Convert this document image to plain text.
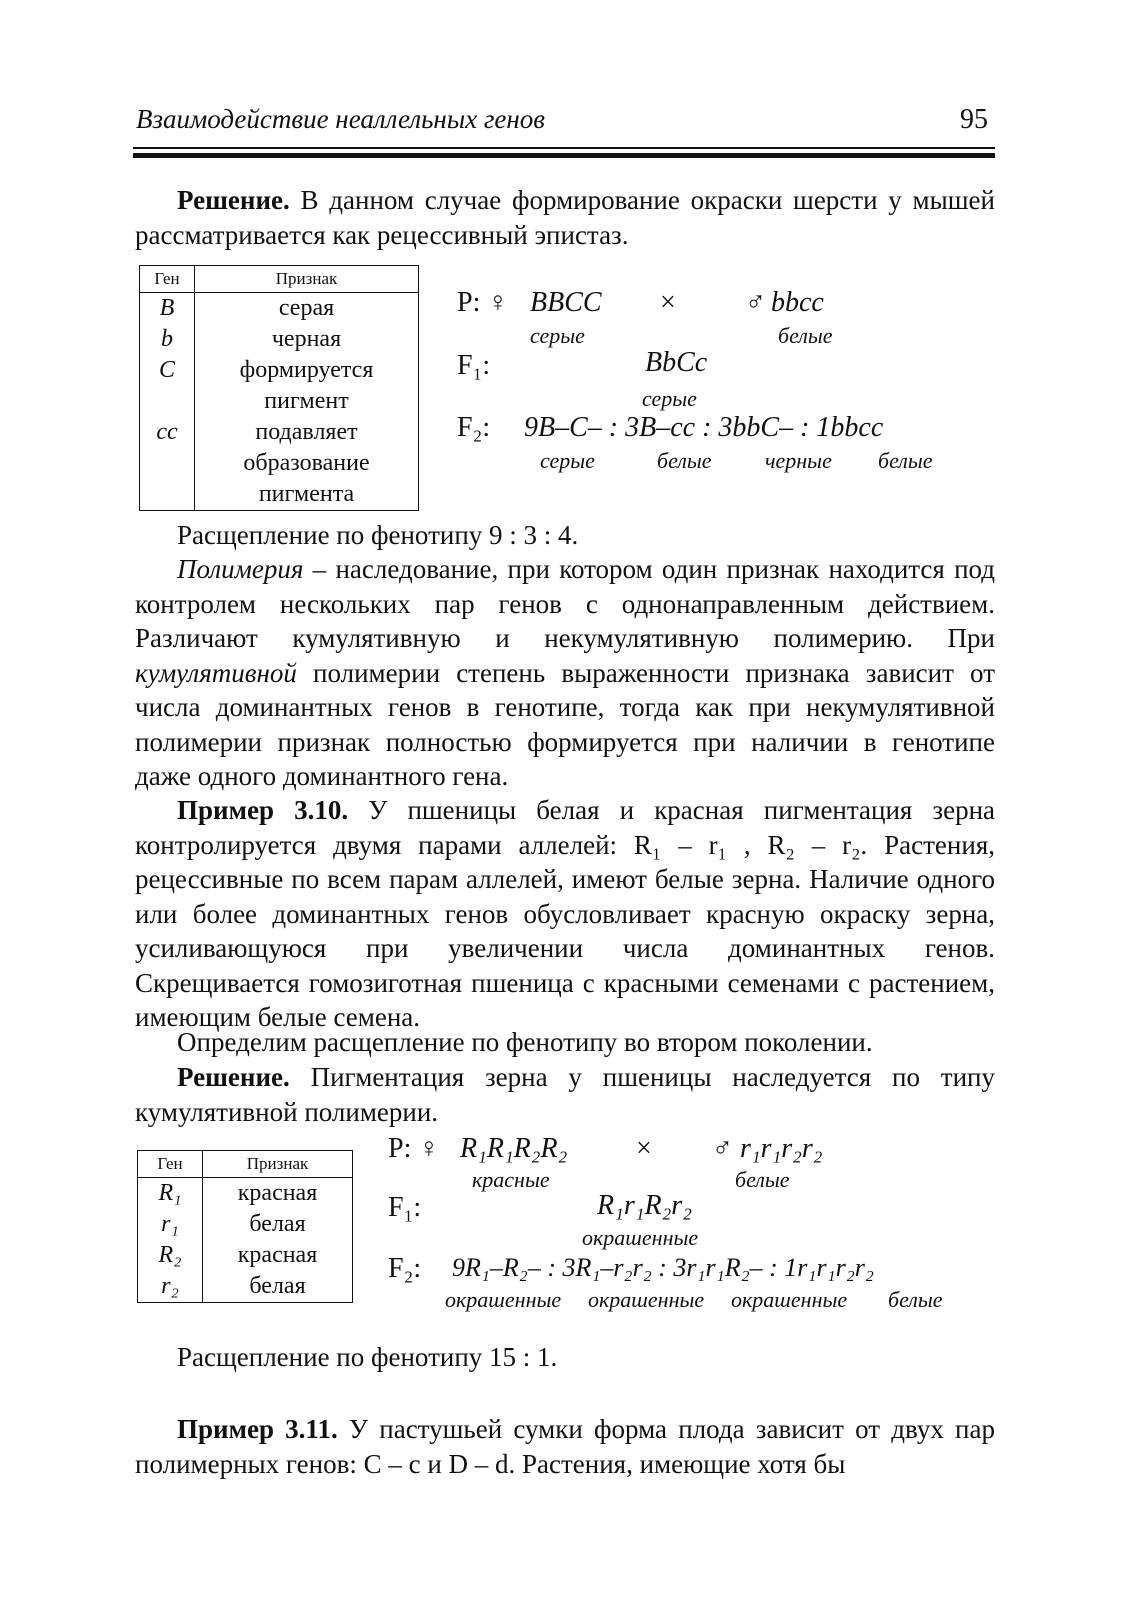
Взаимодействие неаллельных генов	95
Решение. В данном случае формирование окраски шерсти у мышей рассматривается как рецессивный эпистаз.
Ген	Признак
B	серая
b	черная
C	формируется пигмент
cc	подавляет образование пигмента
P: ♀ BBCC × ♂ bbcc
серые	белые
F₁:	BbCc
серые
F₂: 9B–C– : 3B–cc : 3bbC– : 1bbcc
серые	белые черные белые
Расщепление по фенотипу 9 : 3 : 4.
Полимерия – наследование, при котором один признак находится под контролем нескольких пар генов с однонаправленным действием. Различают кумулятивную и некумулятивную полимерию. При кумулятивной полимерии степень выраженности признака зависит от числа доминантных генов в генотипе, тогда как при некумулятивной полимерии признак полностью формируется при наличии в генотипе даже одного доминантного гена.
Пример 3.10. У пшеницы белая и красная пигментация зерна контролируется двумя парами аллелей: R₁ – r₁ , R₂ – r₂. Растения, рецессивные по всем парам аллелей, имеют белые зерна. Наличие одного или более доминантных генов обусловливает красную окраску зерна, усиливающуюся при увеличении числа доминантных генов. Скрещивается гомозиготная пшеница с красными семенами с растением, имеющим белые семена.
Определим расщепление по фенотипу во втором поколении.
Решение. Пигментация зерна у пшеницы наследуется по типу кумулятивной полимерии.
Ген	Признак
R₁	красная
r₁	белая
R₂	красная
r₂	белая
P: ♀ R₁R₁R₂R₂ × ♂ r₁r₁r₂r₂
красные	белые
F₁:	R₁r₁R₂r₂
окрашенные
F₂: 9R₁–R₂– : 3R₁–r₂r₂ : 3r₁r₁R₂– : 1r₁r₁r₂r₂
окрашенные окрашенные окрашенные белые
Расщепление по фенотипу 15 : 1.
Пример 3.11. У пастушьей сумки форма плода зависит от двух пар полимерных генов: C – c и D – d. Растения, имеющие хотя бы
